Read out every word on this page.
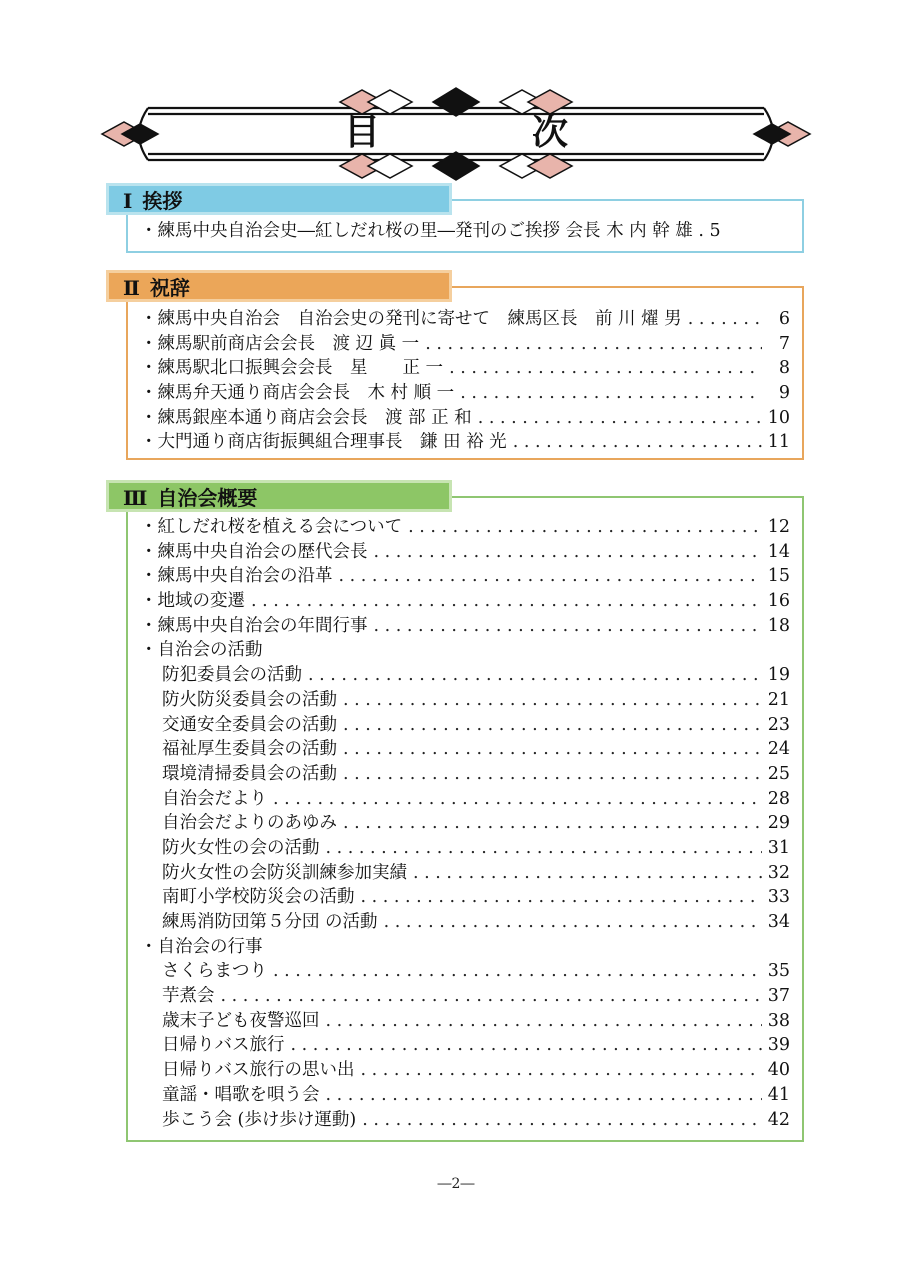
目　次
Ⅰ 挨拶
・練馬中央自治会史―紅しだれ桜の里―発刊のご挨拶 会長 木 内 幹 雄 . 5
Ⅱ 祝辞
・練馬中央自治会　自治会史の発刊に寄せて　練馬区長　前 川 燿 男 . . .	6
・練馬駅前商店会会長　渡 辺 眞 一 . . .	7
・練馬駅北口振興会会長　星　　正 一 . . .	8
・練馬弁天通り商店会会長　木 村 順 一 . . .	9
・練馬銀座本通り商店会会長　渡 部 正 和 . . .	10
・大門通り商店街振興組合理事長　鎌 田 裕 光 . . .	11
Ⅲ 自治会概要
・紅しだれ桜を植える会について . . .	12
・練馬中央自治会の歴代会長 . . .	14
・練馬中央自治会の沿革 . . .	15
・地域の変遷 . . .	16
・練馬中央自治会の年間行事 . . .	18
・自治会の活動
防犯委員会の活動 . . .	19
防火防災委員会の活動 . . .	21
交通安全委員会の活動 . . .	23
福祉厚生委員会の活動 . . .	24
環境清掃委員会の活動 . . .	25
自治会だより . . .	28
自治会だよりのあゆみ . . .	29
防火女性の会の活動 . . .	31
防火女性の会防災訓練参加実績 . . .	32
南町小学校防災会の活動 . . .	33
練馬消防団第５分団 の活動 . . .	34
・自治会の行事
さくらまつり . . .	35
芋煮会 . . .	37
歳末子ども夜警巡回 . . .	38
日帰りバス旅行 . . .	39
日帰りバス旅行の思い出 . . .	40
童謡・唱歌を唄う会 . . .	41
歩こう会 (歩け歩け運動) . . .	42
―2―
